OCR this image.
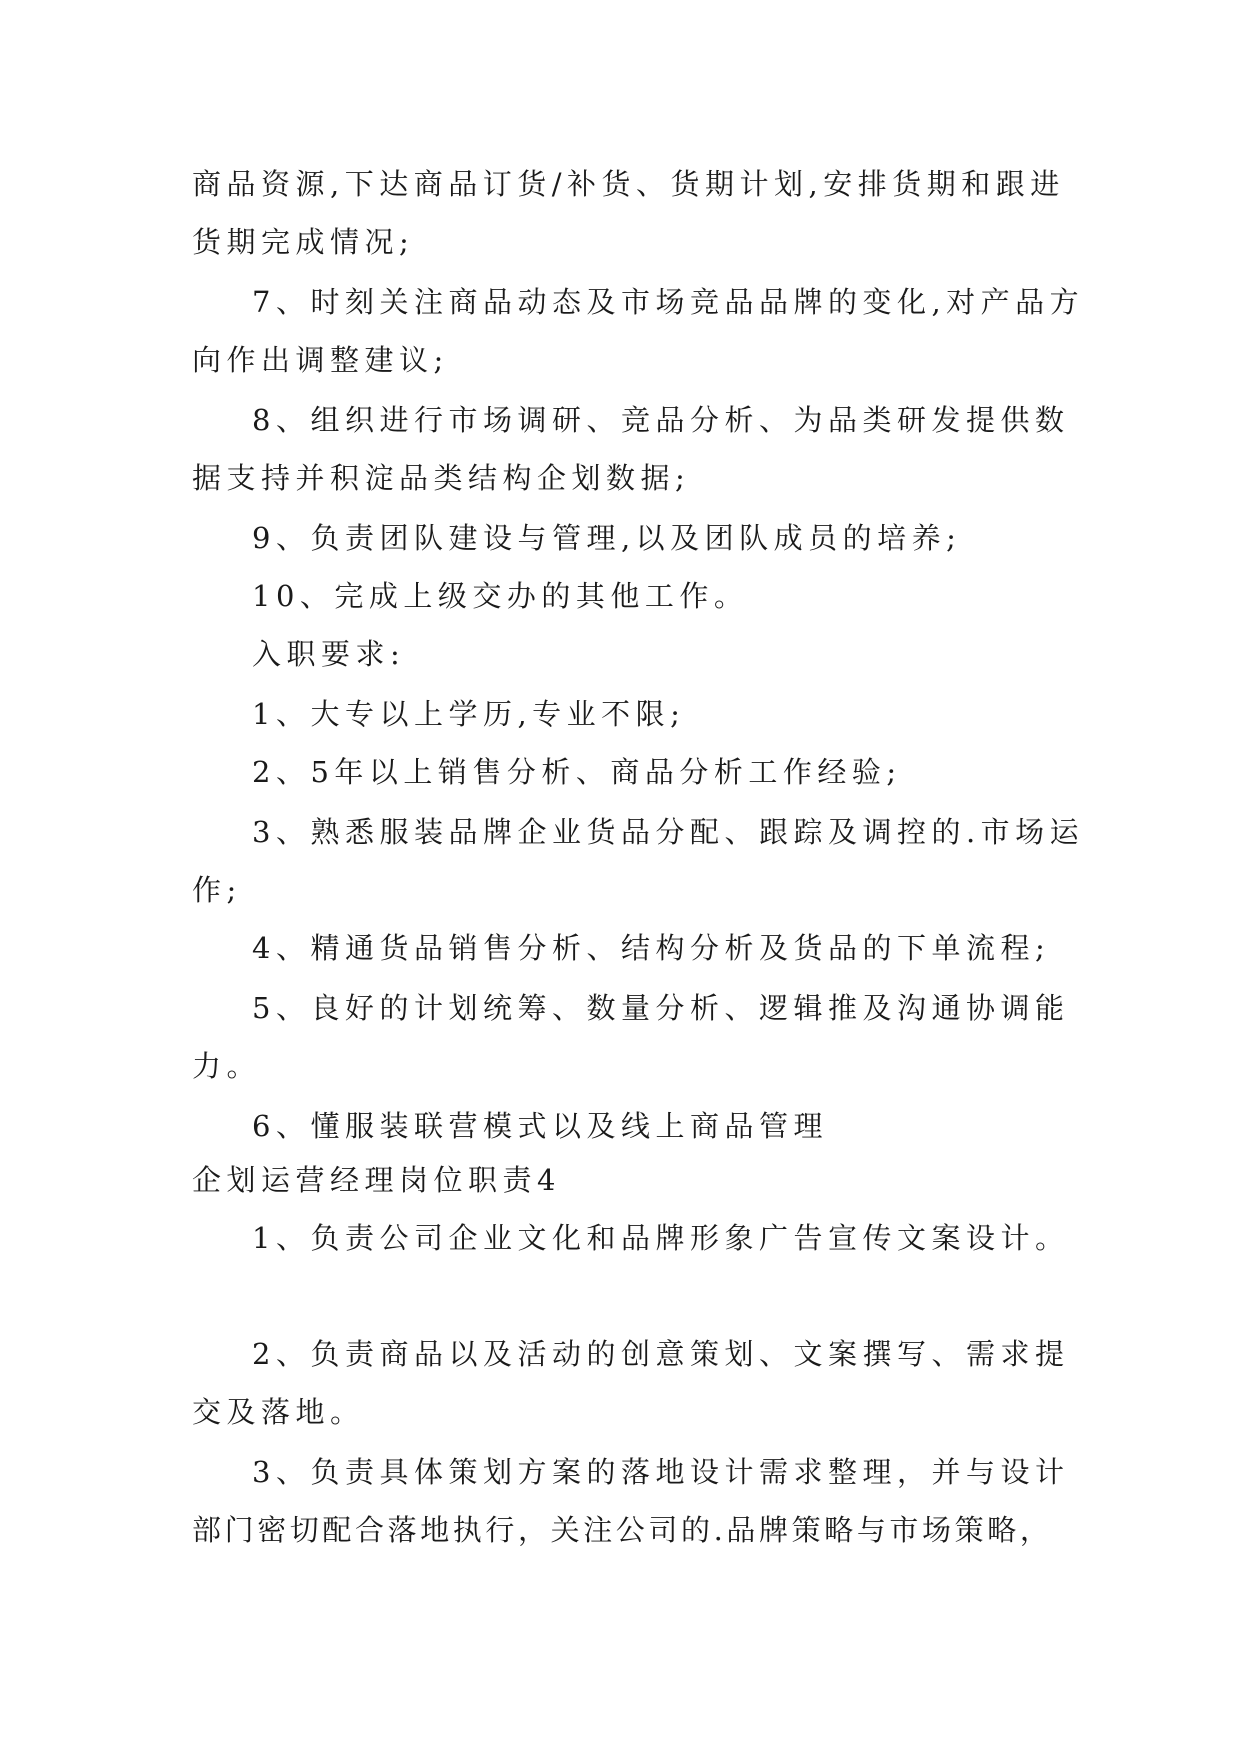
商品资源,下达商品订货/补货、货期计划,安排货期和跟进
货期完成情况;
7、时刻关注商品动态及市场竞品品牌的变化,对产品方
向作出调整建议;
8、组织进行市场调研、竞品分析、为品类研发提供数
据支持并积淀品类结构企划数据;
9、负责团队建设与管理,以及团队成员的培养;
10、完成上级交办的其他工作。
入职要求:
1、大专以上学历,专业不限;
2、5年以上销售分析、商品分析工作经验;
3、熟悉服装品牌企业货品分配、跟踪及调控的.市场运
作;
4、精通货品销售分析、结构分析及货品的下单流程;
5、良好的计划统筹、数量分析、逻辑推及沟通协调能
力。
6、懂服装联营模式以及线上商品管理
企划运营经理岗位职责4
1、负责公司企业文化和品牌形象广告宣传文案设计。
2、负责商品以及活动的创意策划、文案撰写、需求提
交及落地。
3、负责具体策划方案的落地设计需求整理，并与设计
部门密切配合落地执行，关注公司的.品牌策略与市场策略，
